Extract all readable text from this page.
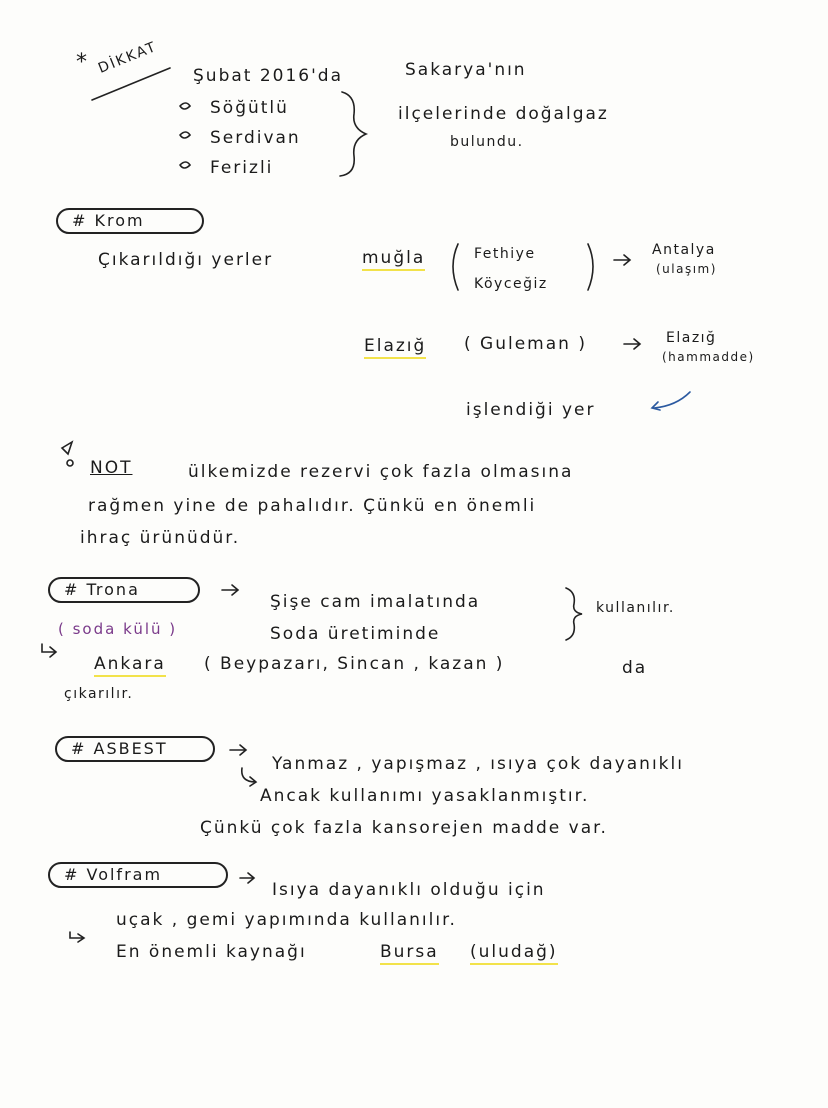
* DİKKAT Şubat 2016'da	Sakarya'nın
Söğütlü
Serdivan
Ferizli
ilçelerinde doğalgaz
bulundu.
# Krom
Çıkarıldığı yerler	muğla	Fethiye
Köyceğiz
Antalya
(ulaşım)
Elazığ ( Guleman )	Elazığ
(hammadde)
işlendiği yer
NOT	ülkemizde rezervi çok fazla olmasına
rağmen yine de pahalıdır. Çünkü en önemli
ihraç ürünüdür.
# Trona
( soda külü )
Şişe cam imalatında
Soda üretiminde
kullanılır.
Ankara ( Beypazarı, Sincan , kazan )	da
çıkarılır.
# ASBEST
Yanmaz , yapışmaz , ısıya çok dayanıklı
Ancak kullanımı yasaklanmıştır.
Çünkü çok fazla kansorejen madde var.
# Volfram
Isıya dayanıklı olduğu için
uçak , gemi yapımında kullanılır.
En önemli kaynağı	Bursa (uludağ)
